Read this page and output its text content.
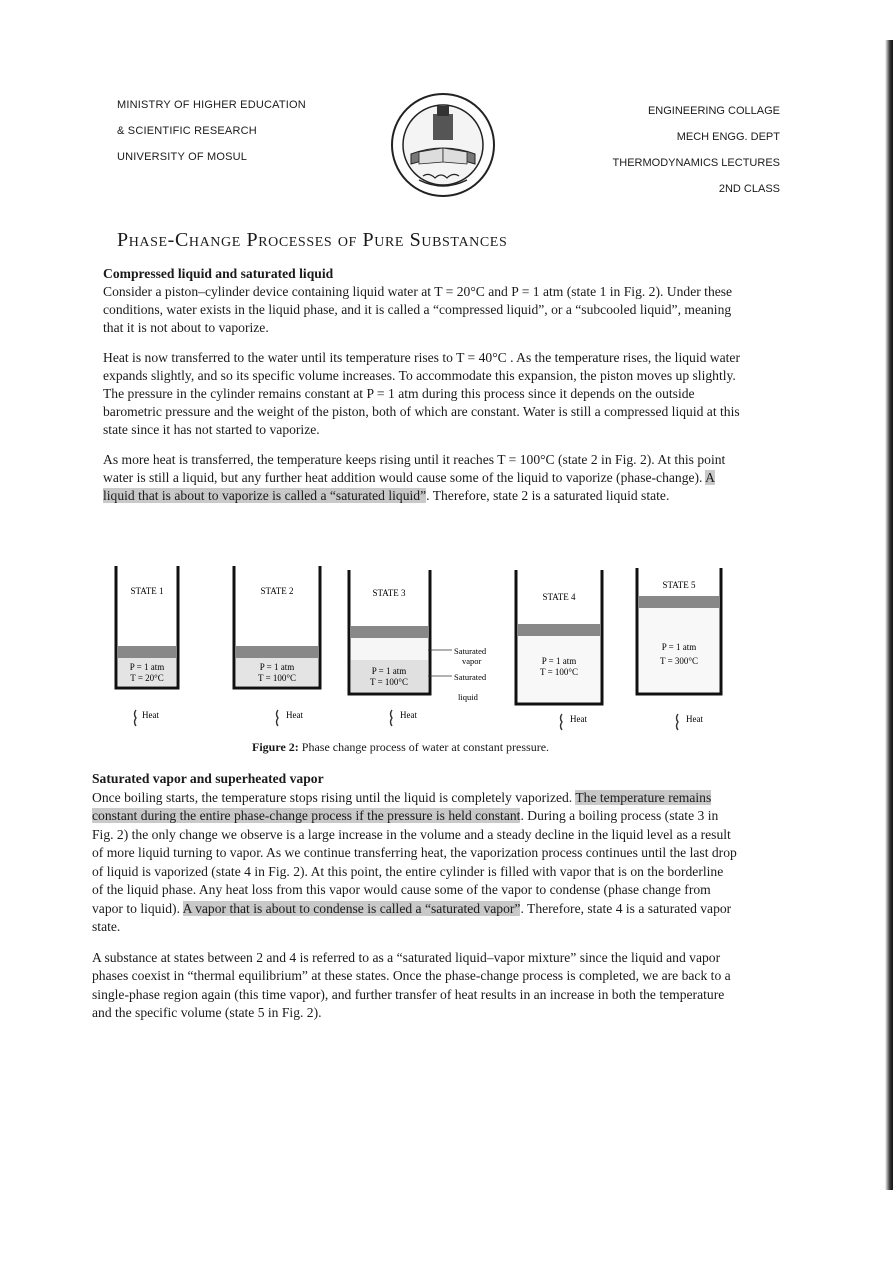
MINISTRY OF HIGHER EDUCATION
& SCIENTIFIC RESEARCH
UNIVERSITY OF MOSUL
ENGINEERING COLLAGE
MECH ENGG. DEPT
THERMODYNAMICS LECTURES
2ND CLASS
Phase-Change Processes of Pure Substances
Compressed liquid and saturated liquid

Consider a piston–cylinder device containing liquid water at T = 20°C and P = 1 atm (state 1 in Fig. 2). Under these conditions, water exists in the liquid phase, and it is called a “compressed liquid”, or a “subcooled liquid”, meaning that it is not about to vaporize.

Heat is now transferred to the water until its temperature rises to T = 40°C . As the temperature rises, the liquid water expands slightly, and so its specific volume increases. To accommodate this expansion, the piston moves up slightly. The pressure in the cylinder remains constant at P = 1 atm during this process since it depends on the outside barometric pressure and the weight of the piston, both of which are constant. Water is still a compressed liquid at this state since it has not started to vaporize.

As more heat is transferred, the temperature keeps rising until it reaches T = 100°C (state 2 in Fig. 2). At this point water is still a liquid, but any further heat addition would cause some of the liquid to vaporize (phase-change). A liquid that is about to vaporize is called a “saturated liquid”. Therefore, state 2 is a saturated liquid state.

STATE 1
P = 1 atm
T = 20°C
Heat
STATE 2
P = 1 atm
T = 100°C
Heat
STATE 3
P = 1 atm
T = 100°C
Saturated
vapor
Saturated
liquid
Heat
STATE 4
P = 1 atm
T = 100°C
Heat
STATE 5
P = 1 atm
T = 300°C
Heat
Figure 2: Phase change process of water at constant pressure.
Saturated vapor and superheated vapor

Once boiling starts, the temperature stops rising until the liquid is completely vaporized. The temperature remains constant during the entire phase-change process if the pressure is held constant. During a boiling process (state 3 in Fig. 2) the only change we observe is a large increase in the volume and a steady decline in the liquid level as a result of more liquid turning to vapor. As we continue transferring heat, the vaporization process continues until the last drop of liquid is vaporized (state 4 in Fig. 2). At this point, the entire cylinder is filled with vapor that is on the borderline of the liquid phase. Any heat loss from this vapor would cause some of the vapor to condense (phase change from vapor to liquid). A vapor that is about to condense is called a “saturated vapor”. Therefore, state 4 is a saturated vapor state.

A substance at states between 2 and 4 is referred to as a “saturated liquid–vapor mixture” since the liquid and vapor phases coexist in “thermal equilibrium” at these states. Once the phase-change process is completed, we are back to a single-phase region again (this time vapor), and further transfer of heat results in an increase in both the temperature and the specific volume (state 5 in Fig. 2).
